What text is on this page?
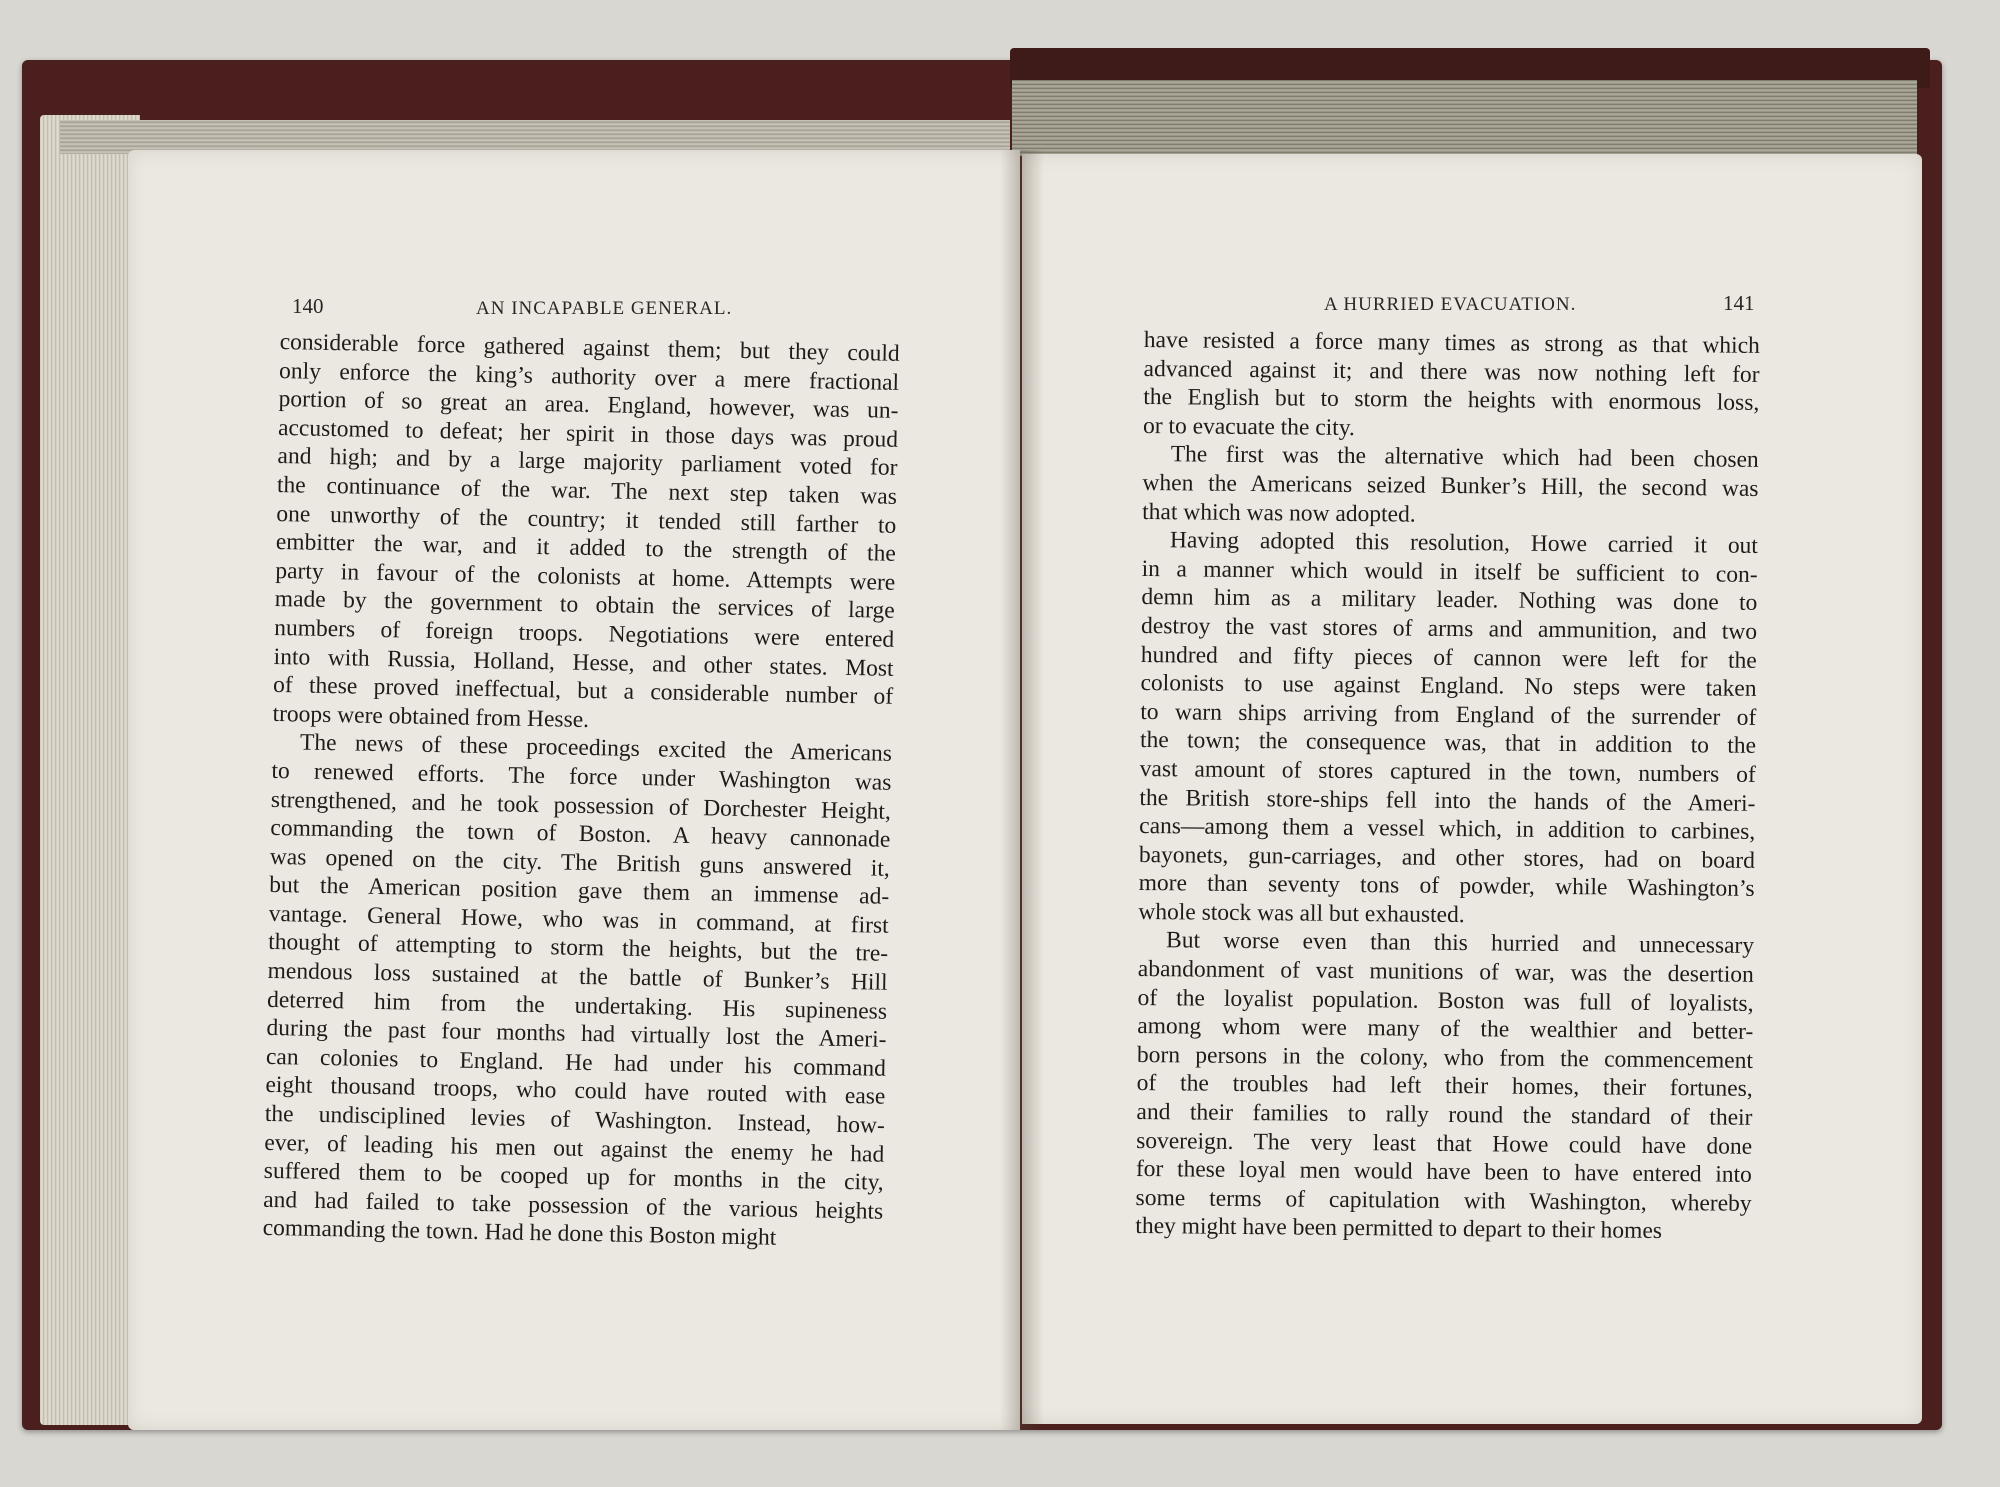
140	AN INCAPABLE GENERAL.

considerable force gathered against them; but they could

only enforce the king’s authority over a mere fractional

portion of so great an area. England, however, was un-

accustomed to defeat; her spirit in those days was proud

and high; and by a large majority parliament voted for

the continuance of the war. The next step taken was

one unworthy of the country; it tended still farther to

embitter the war, and it added to the strength of the

party in favour of the colonists at home. Attempts were

made by the government to obtain the services of large

numbers of foreign troops. Negotiations were entered

into with Russia, Holland, Hesse, and other states. Most

of these proved ineffectual, but a considerable number of

troops were obtained from Hesse.

The news of these proceedings excited the Americans

to renewed efforts. The force under Washington was

strengthened, and he took possession of Dorchester Height,

commanding the town of Boston. A heavy cannonade

was opened on the city. The British guns answered it,

but the American position gave them an immense ad-

vantage. General Howe, who was in command, at first

thought of attempting to storm the heights, but the tre-

mendous loss sustained at the battle of Bunker’s Hill

deterred him from the undertaking. His supineness

during the past four months had virtually lost the Ameri-

can colonies to England. He had under his command

eight thousand troops, who could have routed with ease

the undisciplined levies of Washington. Instead, how-

ever, of leading his men out against the enemy he had

suffered them to be cooped up for months in the city,

and had failed to take possession of the various heights

commanding the town. Had he done this Boston might

A HURRIED EVACUATION.	141

have resisted a force many times as strong as that which

advanced against it; and there was now nothing left for

the English but to storm the heights with enormous loss,

or to evacuate the city.

The first was the alternative which had been chosen

when the Americans seized Bunker’s Hill, the second was

that which was now adopted.

Having adopted this resolution, Howe carried it out

in a manner which would in itself be sufficient to con-

demn him as a military leader. Nothing was done to

destroy the vast stores of arms and ammunition, and two

hundred and fifty pieces of cannon were left for the

colonists to use against England. No steps were taken

to warn ships arriving from England of the surrender of

the town; the consequence was, that in addition to the

vast amount of stores captured in the town, numbers of

the British store-ships fell into the hands of the Ameri-

cans—among them a vessel which, in addition to carbines,

bayonets, gun-carriages, and other stores, had on board

more than seventy tons of powder, while Washington’s

whole stock was all but exhausted.

But worse even than this hurried and unnecessary

abandonment of vast munitions of war, was the desertion

of the loyalist population. Boston was full of loyalists,

among whom were many of the wealthier and better-

born persons in the colony, who from the commencement

of the troubles had left their homes, their fortunes,

and their families to rally round the standard of their

sovereign. The very least that Howe could have done

for these loyal men would have been to have entered into

some terms of capitulation with Washington, whereby

they might have been permitted to depart to their homes
